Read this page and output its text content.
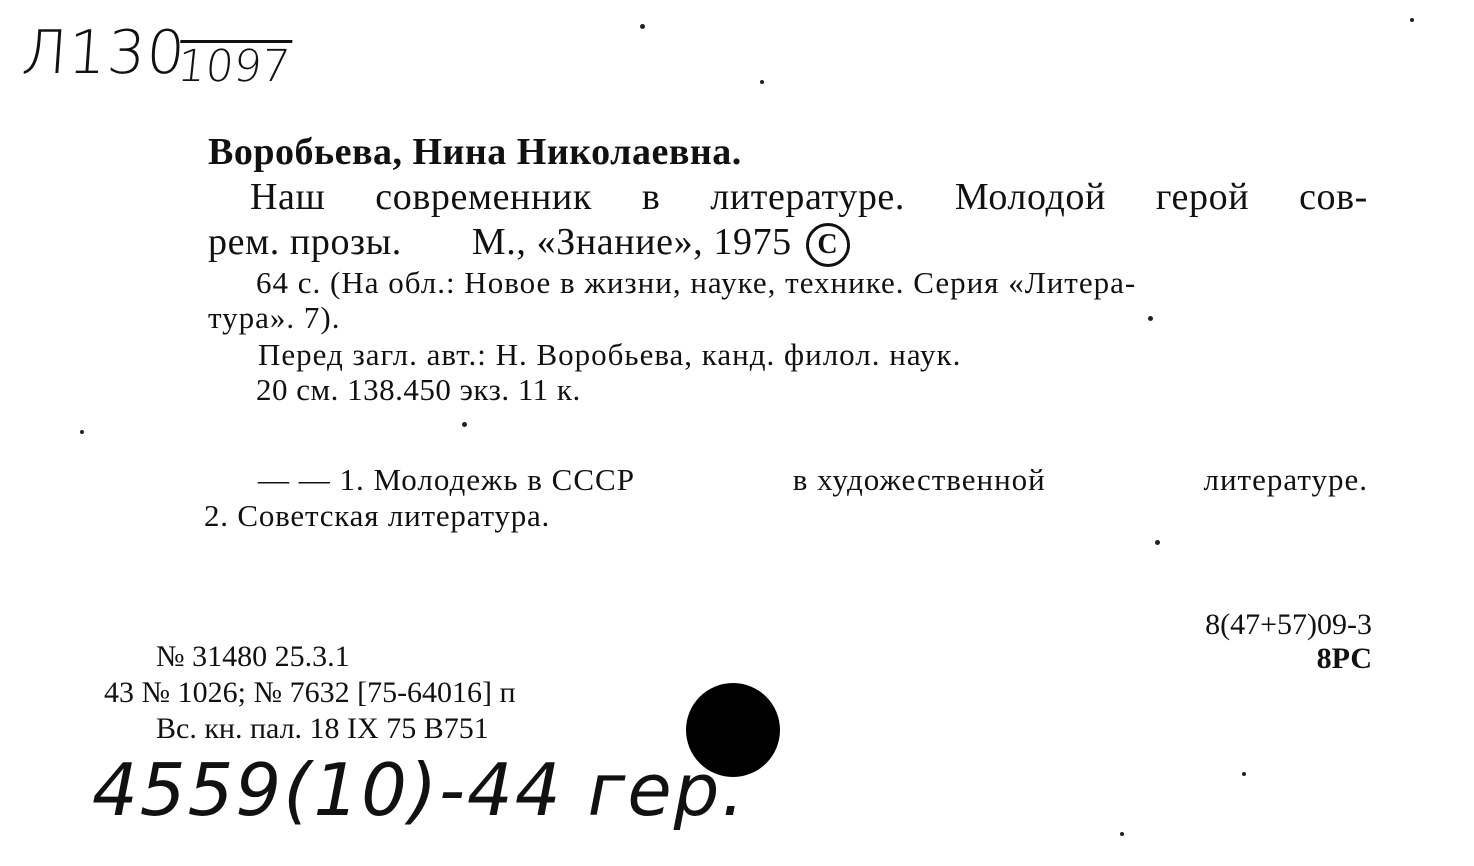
Л130
1097
Воробьева, Нина Николаевна.
Наш современник в литературе. Молодой герой сов-
рем. прозы. М., «Знание», 1975 C
64 с. (На обл.: Новое в жизни, науке, технике. Серия «Литера-
тура». 7).
Перед загл. авт.: Н. Воробьева, канд. филол. наук.
20 см. 138.450 экз. 11 к.
— — 1. Молодежь в СССР	в художественной	литературе.
2. Советская литература.
8(47+57)09-3
8РС
№ 31480 25.3.1
43 № 1026; № 7632 [75-64016] п
Вс. кн. пал. 18 IX 75 В751
4559(10)-44 гер.
